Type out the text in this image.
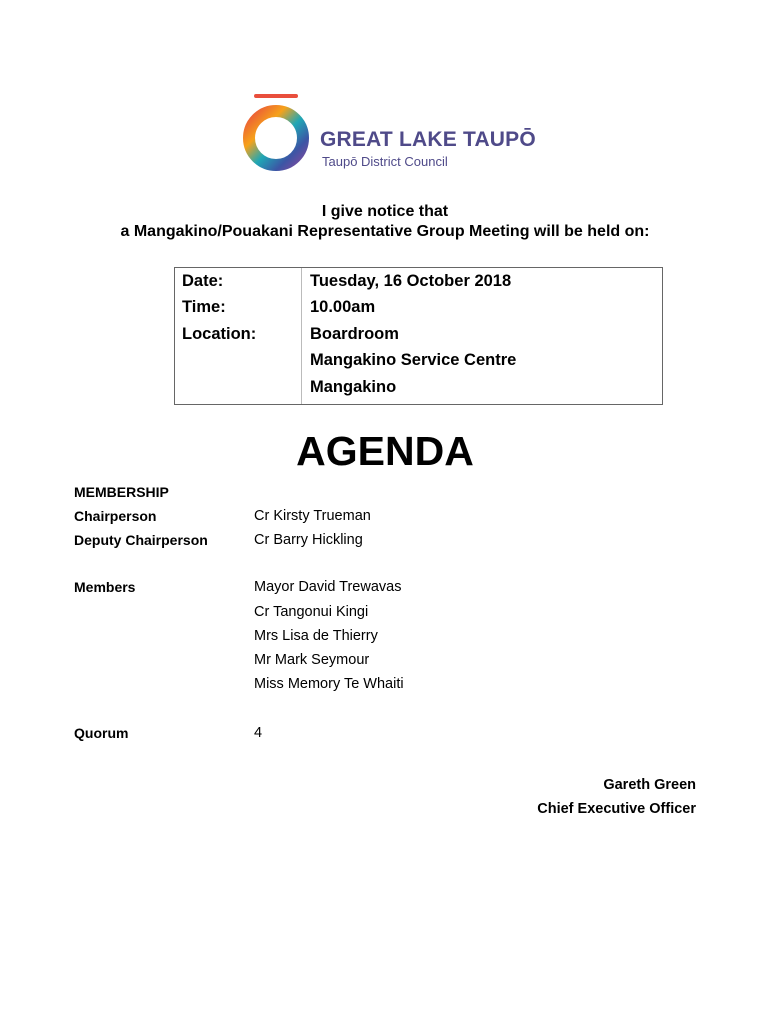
GREAT LAKE TAUPŌ
Taupō District Council
I give notice that
a Mangakino/Pouakani Representative Group Meeting will be held on:
Date:	Tuesday, 16 October 2018
Time:	10.00am
Location:	Boardroom
Mangakino Service Centre
Mangakino
AGENDA
MEMBERSHIP
Chairperson	Cr Kirsty Trueman
Deputy Chairperson	Cr Barry Hickling
Members	Mayor David Trewavas
Cr Tangonui Kingi
Mrs Lisa de Thierry
Mr Mark Seymour
Miss Memory Te Whaiti
Quorum	4
Gareth Green
Chief Executive Officer
